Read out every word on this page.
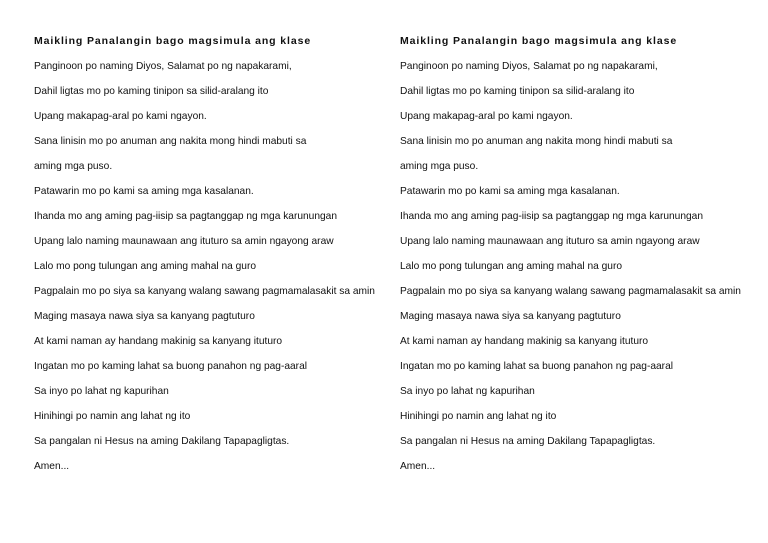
Maikling Panalangin bago magsimula ang klase
Panginoon po naming Diyos, Salamat po ng napakarami,
Dahil ligtas mo po kaming tinipon sa silid-aralang ito
Upang makapag-aral po kami ngayon.
Sana linisin mo po anuman ang nakita mong hindi mabuti sa
aming mga puso.
Patawarin mo po kami sa aming mga kasalanan.
Ihanda mo ang aming pag-iisip sa pagtanggap ng mga karunungan
Upang lalo naming maunawaan ang ituturo sa amin ngayong araw
Lalo mo pong tulungan ang aming mahal na guro
Pagpalain mo po siya sa kanyang walang sawang pagmamalasakit sa amin
Maging masaya nawa siya sa kanyang pagtuturo
At kami naman ay handang makinig sa kanyang ituturo
Ingatan mo po kaming lahat sa buong panahon ng pag-aaral
Sa inyo po lahat ng kapurihan
Hinihingi po namin ang lahat ng ito
Sa pangalan ni Hesus na aming Dakilang Tapapagligtas.
Amen...
Maikling Panalangin bago magsimula ang klase
Panginoon po naming Diyos, Salamat po ng napakarami,
Dahil ligtas mo po kaming tinipon sa silid-aralang ito
Upang makapag-aral po kami ngayon.
Sana linisin mo po anuman ang nakita mong hindi mabuti sa
aming mga puso.
Patawarin mo po kami sa aming mga kasalanan.
Ihanda mo ang aming pag-iisip sa pagtanggap ng mga karunungan
Upang lalo naming maunawaan ang ituturo sa amin ngayong araw
Lalo mo pong tulungan ang aming mahal na guro
Pagpalain mo po siya sa kanyang walang sawang pagmamalasakit sa amin
Maging masaya nawa siya sa kanyang pagtuturo
At kami naman ay handang makinig sa kanyang ituturo
Ingatan mo po kaming lahat sa buong panahon ng pag-aaral
Sa inyo po lahat ng kapurihan
Hinihingi po namin ang lahat ng ito
Sa pangalan ni Hesus na aming Dakilang Tapapagligtas.
Amen...
